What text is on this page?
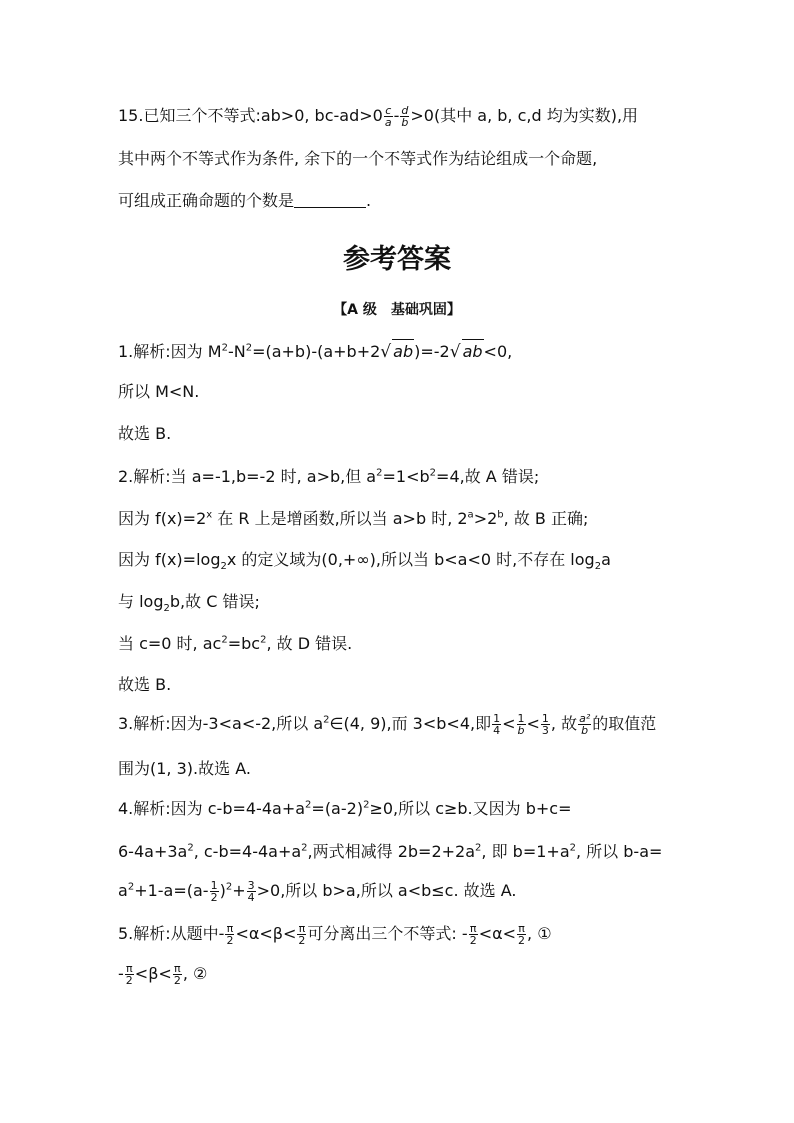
15.已知三个不等式:ab>0, $bc-ad>0 \frac{c}{a} - \frac{d}{b} >0$(其中 a, b, c,d 均为实数),用
其中两个不等式作为条件, 余下的一个不等式作为结论组成一个命题,
可组成正确命题的个数是	.
参考答案
【A 级　基础巩固】
1.解析:因为 $M^2-N^2=(a+b)-(a+b+2√$ ab)=-2√ ab<0,
所以 M<N.
故选 B.
2.解析:当 a=-1,b=-2 时, a>b,但 $a^2=1<b^2=4$,故 A 错误;
因为 $f(x)=2^x$ 在 R 上是增函数,所以当 a>b 时, $2^a>2^b$, 故 B 正确;
因为 $f(x)=\log_2x$ 的定义域为(0,+∞),所以当 b<a<0 时,不存在 $\log_2a$
与 $\log_2b$,故 C 错误;
当 c=0 时, $ac^2=bc^2$, 故 D 错误.
故选 B.
3.解析:因为-3<a<-2,所以 $a^2\in(4$, 9),而 3<b<4,即 $\frac{1}{4} < \frac{1}{b} < \frac{1}{3}$ , 故 $\frac{\text{a²}}{b}$ 的取值范
围为(1, 3).故选 A.
4.解析:因为 $c-b=4-4a+a^2=(a-2)^2\ge 0$,所以 c≥b.又因为 b+c=
$6-4a+3a^2$, $c-b=4-4a+a^2$,两式相减得 $2b=2+2a^2$, 即 $b=1+a^2$, 所以 b-a=
$a^2+1-a=(a- \frac{1}{2} )^2+ \frac{3}{4} >0$,所以 b>a,所以 a<b≤c. 故选 A.
5.解析:从题中- $\frac{\pi}{2} <\alpha<\beta< \frac{\pi}{2}$ 可分离出三个不等式: - $\frac{\pi}{2} <\alpha< \frac{\pi}{2}$ , ①
- $\frac{\pi}{2} <\beta< \frac{\pi}{2}$ , ②
